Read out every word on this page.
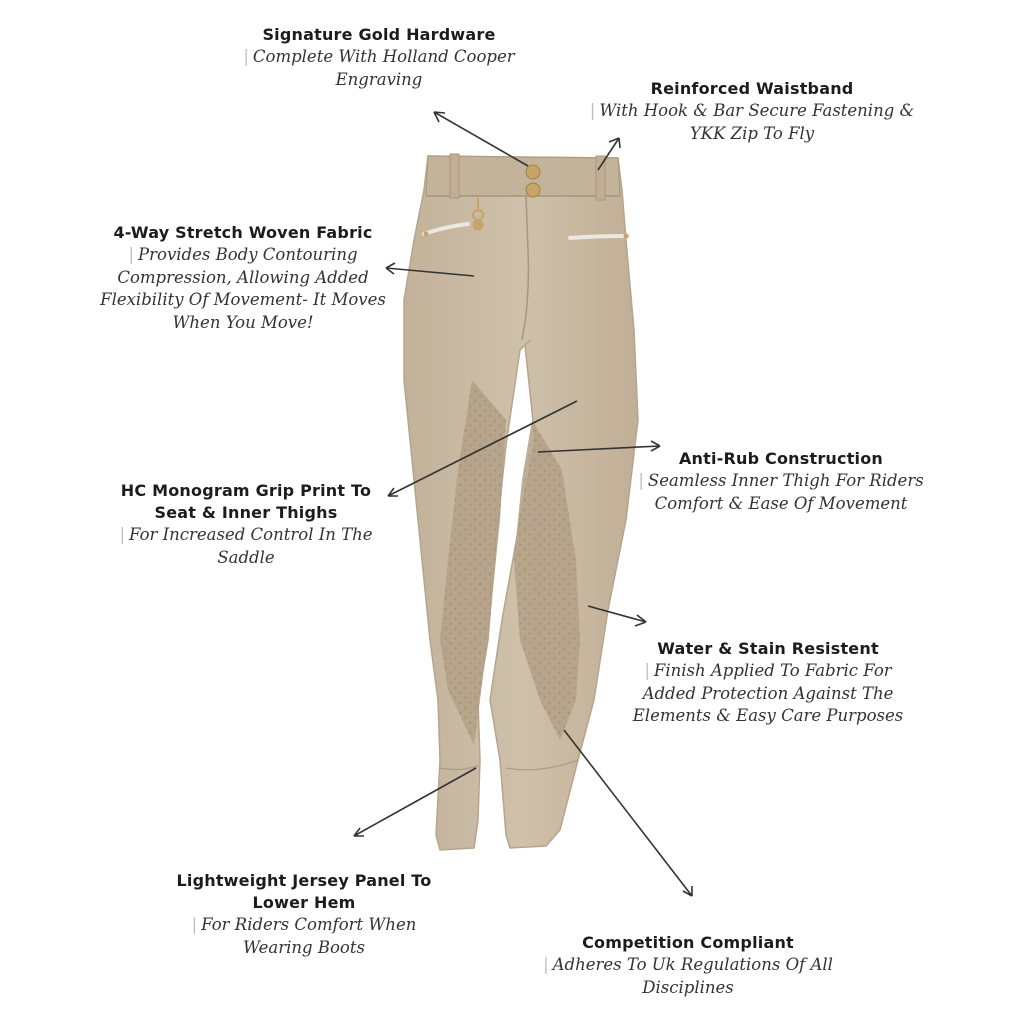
Signature Gold Hardware
| Complete With Holland Cooper Engraving	Reinforced Waistband
| With Hook & Bar Secure Fastening & YKK Zip To Fly
4-Way Stretch Woven Fabric
| Provides Body Contouring Compression, Allowing Added Flexibility Of Movement- It Moves When You Move!
Anti-Rub Construction
| Seamless Inner Thigh For Riders Comfort & Ease Of Movement
HC Monogram Grip Print To Seat & Inner Thighs
| For Increased Control In The Saddle
Water & Stain Resistent
| Finish Applied To Fabric For Added Protection Against The Elements & Easy Care Purposes
Lightweight Jersey Panel To Lower Hem
| For Riders Comfort When Wearing Boots	Competition Compliant
| Adheres To Uk Regulations Of All Disciplines
